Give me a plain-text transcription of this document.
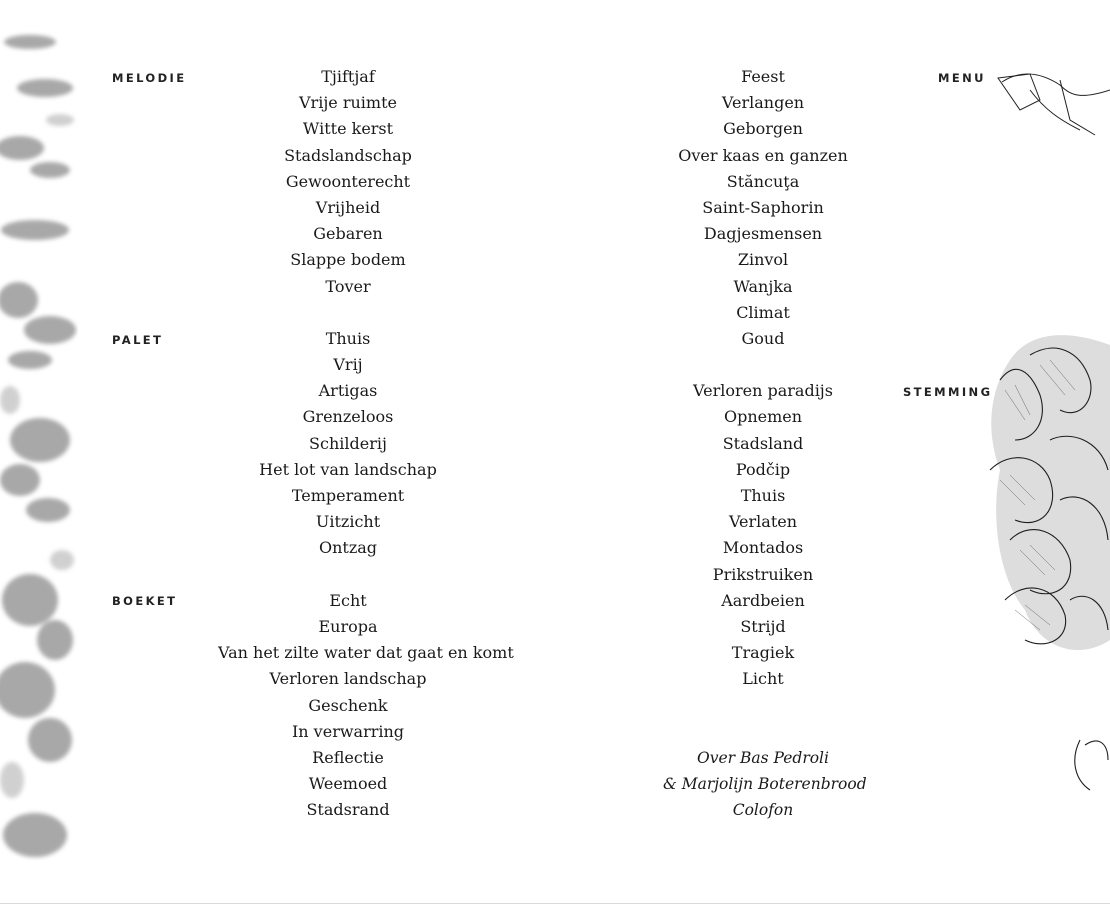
MELODIE
PALET
BOEKET
MENU
STEMMING
Tjiftjaf
Vrije ruimte
Witte kerst
Stadslandschap
Gewoonterecht
Vrijheid
Gebaren
Slappe bodem
Tover
Thuis
Vrij
Artigas
Grenzeloos
Schilderij
Het lot van landschap
Temperament
Uitzicht
Ontzag
Echt
Europa
Van het zilte water dat gaat en komt
Verloren landschap
Geschenk
In verwarring
Reflectie
Weemoed
Stadsrand
Feest
Verlangen
Geborgen
Over kaas en ganzen
Stăncuţa
Saint-Saphorin
Dagjesmensen
Zinvol
Wanjka
Climat
Goud
Verloren paradijs
Opnemen
Stadsland
Podčip
Thuis
Verlaten
Montados
Prikstruiken
Aardbeien
Strijd
Tragiek
Licht
Over Bas Pedroli
& Marjolijn Boterenbrood
Colofon
